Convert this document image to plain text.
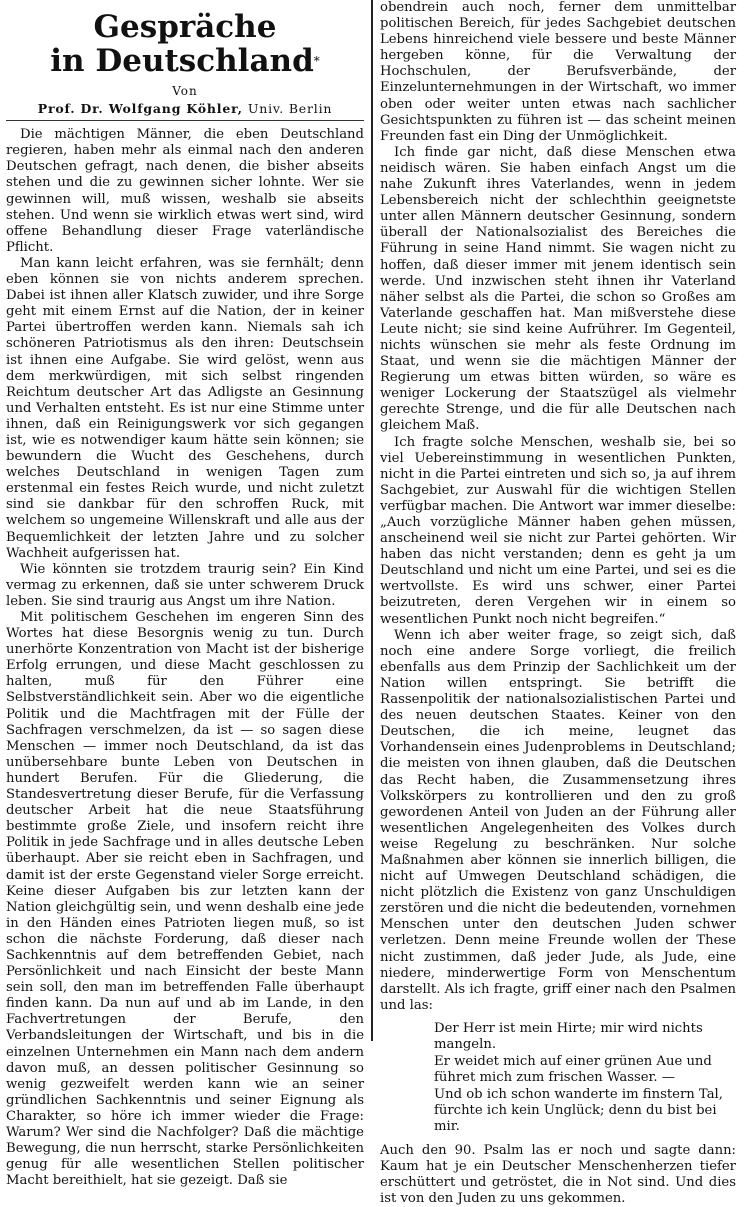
Gespräche
in Deutschland*
Von
Prof. Dr. Wolfgang Köhler, Univ. Berlin

Die mächtigen Männer, die eben Deutschland regieren, haben mehr als einmal nach den anderen Deutschen gefragt, nach denen, die bisher abseits stehen und die zu gewinnen sicher lohnte. Wer sie gewinnen will, muß wissen, weshalb sie abseits stehen. Und wenn sie wirklich etwas wert sind, wird offene Behandlung dieser Frage vaterländische Pflicht.

Man kann leicht erfahren, was sie fernhält; denn eben können sie von nichts anderem sprechen. Dabei ist ihnen aller Klatsch zuwider, und ihre Sorge geht mit einem Ernst auf die Nation, der in keiner Partei übertroffen werden kann. Niemals sah ich schöneren Patriotismus als den ihren: Deutschsein ist ihnen eine Aufgabe. Sie wird gelöst, wenn aus dem merkwürdigen, mit sich selbst ringenden Reichtum deutscher Art das Adligste an Gesinnung und Verhalten entsteht. Es ist nur eine Stimme unter ihnen, daß ein Reinigungswerk vor sich gegangen ist, wie es notwendiger kaum hätte sein können; sie bewundern die Wucht des Geschehens, durch welches Deutschland in wenigen Tagen zum erstenmal ein festes Reich wurde, und nicht zuletzt sind sie dankbar für den schroffen Ruck, mit welchem so ungemeine Willenskraft und alle aus der Bequemlichkeit der letzten Jahre und zu solcher Wachheit aufgerissen hat.

Wie könnten sie trotzdem traurig sein? Ein Kind vermag zu erkennen, daß sie unter schwerem Druck leben. Sie sind traurig aus Angst um ihre Nation.

Mit politischem Geschehen im engeren Sinn des Wortes hat diese Besorgnis wenig zu tun. Durch unerhörte Konzentration von Macht ist der bisherige Erfolg errungen, und diese Macht geschlossen zu halten, muß für den Führer eine Selbstverständlichkeit sein. Aber wo die eigentliche Politik und die Machtfragen mit der Fülle der Sachfragen verschmelzen, da ist — so sagen diese Menschen — immer noch Deutschland, da ist das unübersehbare bunte Leben von Deutschen in hundert Berufen. Für die Gliederung, die Standesvertretung dieser Berufe, für die Verfassung deutscher Arbeit hat die neue Staatsführung bestimmte große Ziele, und insofern reicht ihre Politik in jede Sachfrage und in alles deutsche Leben überhaupt. Aber sie reicht eben in Sachfragen, und damit ist der erste Gegenstand vieler Sorge erreicht. Keine dieser Aufgaben bis zur letzten kann der Nation gleichgültig sein, und wenn deshalb eine jede in den Händen eines Patrioten liegen muß, so ist schon die nächste Forderung, daß dieser nach Sachkenntnis auf dem betreffenden Gebiet, nach Persönlichkeit und nach Einsicht der beste Mann sein soll, den man im betreffenden Falle überhaupt finden kann. Da nun auf und ab im Lande, in den Fachvertretungen der Berufe, den Verbandsleitungen der Wirtschaft, und bis in die einzelnen Unternehmen ein Mann nach dem andern davon muß, an dessen politischer Gesinnung so wenig gezweifelt werden kann wie an seiner gründlichen Sachkenntnis und seiner Eignung als Charakter, so höre ich immer wieder die Frage: Warum? Wer sind die Nachfolger? Daß die mächtige Bewegung, die nun herrscht, starke Persönlichkeiten genug für alle wesentlichen Stellen politischer Macht bereithielt, hat sie gezeigt. Daß sie

obendrein auch noch, ferner dem unmittelbar politischen Bereich, für jedes Sachgebiet deutschen Lebens hinreichend viele bessere und beste Männer hergeben könne, für die Verwaltung der Hochschulen, der Berufsverbände, der Einzelunternehmungen in der Wirtschaft, wo immer oben oder weiter unten etwas nach sachlicher Gesichtspunkten zu führen ist — das scheint meinen Freunden fast ein Ding der Unmöglichkeit.

Ich finde gar nicht, daß diese Menschen etwa neidisch wären. Sie haben einfach Angst um die nahe Zukunft ihres Vaterlandes, wenn in jedem Lebensbereich nicht der schlechthin geeignetste unter allen Männern deutscher Gesinnung, sondern überall der Nationalsozialist des Bereiches die Führung in seine Hand nimmt. Sie wagen nicht zu hoffen, daß dieser immer mit jenem identisch sein werde. Und inzwischen steht ihnen ihr Vaterland näher selbst als die Partei, die schon so Großes am Vaterlande geschaffen hat. Man mißverstehe diese Leute nicht; sie sind keine Aufrührer. Im Gegenteil, nichts wünschen sie mehr als feste Ordnung im Staat, und wenn sie die mächtigen Männer der Regierung um etwas bitten würden, so wäre es weniger Lockerung der Staatszügel als vielmehr gerechte Strenge, und die für alle Deutschen nach gleichem Maß.

Ich fragte solche Menschen, weshalb sie, bei so viel Uebereinstimmung in wesentlichen Punkten, nicht in die Partei eintreten und sich so, ja auf ihrem Sachgebiet, zur Auswahl für die wichtigen Stellen verfügbar machen. Die Antwort war immer dieselbe: „Auch vorzügliche Männer haben gehen müssen, anscheinend weil sie nicht zur Partei gehörten. Wir haben das nicht verstanden; denn es geht ja um Deutschland und nicht um eine Partei, und sei es die wertvollste. Es wird uns schwer, einer Partei beizutreten, deren Vergehen wir in einem so wesentlichen Punkt noch nicht begreifen.“

Wenn ich aber weiter frage, so zeigt sich, daß noch eine andere Sorge vorliegt, die freilich ebenfalls aus dem Prinzip der Sachlichkeit um der Nation willen entspringt. Sie betrifft die Rassenpolitik der nationalsozialistischen Partei und des neuen deutschen Staates. Keiner von den Deutschen, die ich meine, leugnet das Vorhandensein eines Judenproblems in Deutschland; die meisten von ihnen glauben, daß die Deutschen das Recht haben, die Zusammensetzung ihres Volkskörpers zu kontrollieren und den zu groß gewordenen Anteil von Juden an der Führung aller wesentlichen Angelegenheiten des Volkes durch weise Regelung zu beschränken. Nur solche Maßnahmen aber können sie innerlich billigen, die nicht auf Umwegen Deutschland schädigen, die nicht plötzlich die Existenz von ganz Unschuldigen zerstören und die nicht die bedeutenden, vornehmen Menschen unter den deutschen Juden schwer verletzen. Denn meine Freunde wollen der These nicht zustimmen, daß jeder Jude, als Jude, eine niedere, minderwertige Form von Menschentum darstellt. Als ich fragte, griff einer nach den Psalmen und las:

Der Herr ist mein Hirte; mir wird nichts mangeln.

Er weidet mich auf einer grünen Aue und führet mich zum frischen Wasser. —

Und ob ich schon wanderte im finstern Tal, fürchte ich kein Unglück; denn du bist bei mir.

Auch den 90. Psalm las er noch und sagte dann: Kaum hat je ein Deutscher Menschenherzen tiefer erschüttert und getröstet, die in Not sind. Und dies ist von den Juden zu uns gekommen.
